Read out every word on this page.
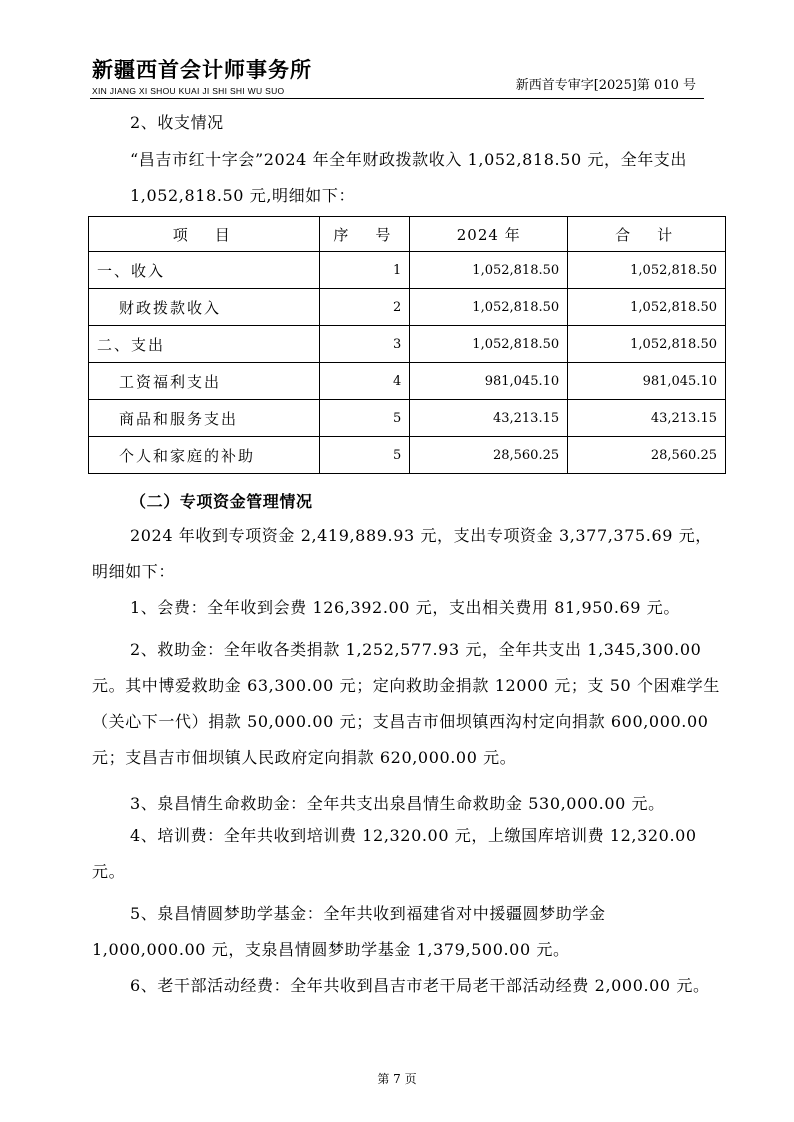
新疆西首会计师事务所
XIN JIANG XI SHOU KUAI JI SHI SHI WU SUO	新西首专审字[2025]第 010 号
2、收支情况
“昌吉市红十字会”2024 年全年财政拨款收入 1,052,818.50 元，全年支出 1,052,818.50 元,明细如下：
项　目	序　号	2024 年	合　计
一、收入	1	1,052,818.50	1,052,818.50
财政拨款收入	2	1,052,818.50	1,052,818.50
二、支出	3	1,052,818.50	1,052,818.50
工资福利支出	4	981,045.10	981,045.10
商品和服务支出	5	43,213.15	43,213.15
个人和家庭的补助	5	28,560.25	28,560.25
（二）专项资金管理情况
2024 年收到专项资金 2,419,889.93 元，支出专项资金 3,377,375.69 元，明细如下：
1、会费：全年收到会费 126,392.00 元，支出相关费用 81,950.69 元。
2、救助金：全年收各类捐款 1,252,577.93 元，全年共支出 1,345,300.00 元。其中博爱救助金 63,300.00 元；定向救助金捐款 12000 元；支 50 个困难学生（关心下一代）捐款 50,000.00 元；支昌吉市佃坝镇西沟村定向捐款 600,000.00 元；支昌吉市佃坝镇人民政府定向捐款 620,000.00 元。
3、泉昌情生命救助金：全年共支出泉昌情生命救助金 530,000.00 元。
4、培训费：全年共收到培训费 12,320.00 元，上缴国库培训费 12,320.00 元。
5、泉昌情圆梦助学基金：全年共收到福建省对中援疆圆梦助学金 1,000,000.00 元，支泉昌情圆梦助学基金 1,379,500.00 元。
6、老干部活动经费：全年共收到昌吉市老干局老干部活动经费 2,000.00 元。
第 7 页
